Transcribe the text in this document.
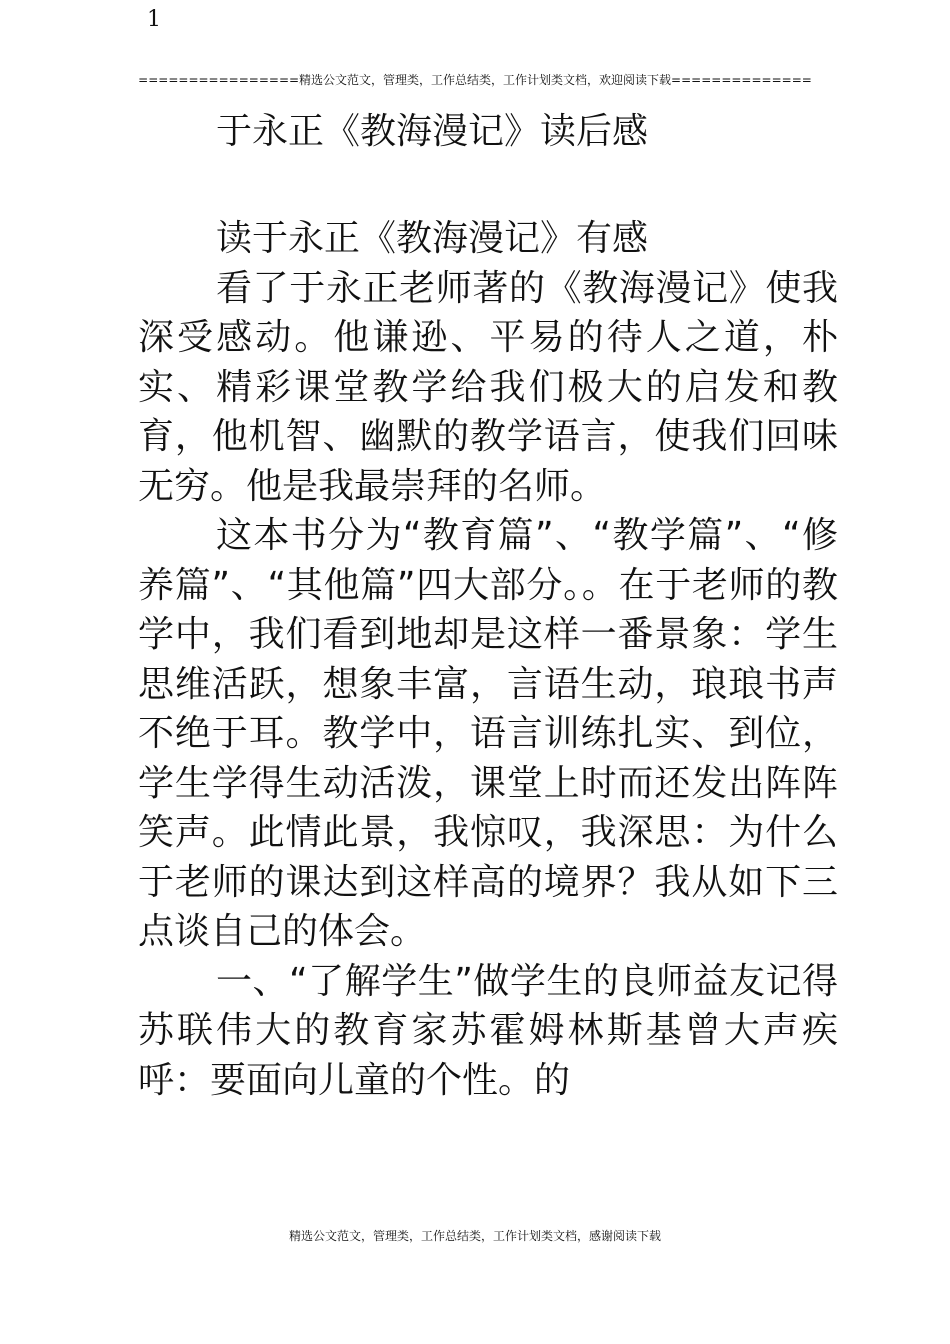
1
================精选公文范文，管理类，工作总结类，工作计划类文档，欢迎阅读下载==============
于永正《教海漫记》读后感

读于永正《教海漫记》有感

看了于永正老师著的《教海漫记》使我深受感动。他谦逊、平易的待人之道，朴实、精彩课堂教学给我们极大的启发和教育，他机智、幽默的教学语言，使我们回味无穷。他是我最崇拜的名师。

这本书分为“教育篇”、“教学篇”、“修养篇”、“其他篇”四大部分。。在于老师的教学中，我们看到地却是这样一番景象：学生思维活跃，想象丰富，言语生动，琅琅书声不绝于耳。教学中，语言训练扎实、到位，学生学得生动活泼，课堂上时而还发出阵阵笑声。此情此景，我惊叹，我深思：为什么于老师的课达到这样高的境界？我从如下三点谈自己的体会。

一、“了解学生”做学生的良师益友记得苏联伟大的教育家苏霍姆林斯基曾大声疾呼：要面向儿童的个性。的

精选公文范文，管理类，工作总结类，工作计划类文档，感谢阅读下载
